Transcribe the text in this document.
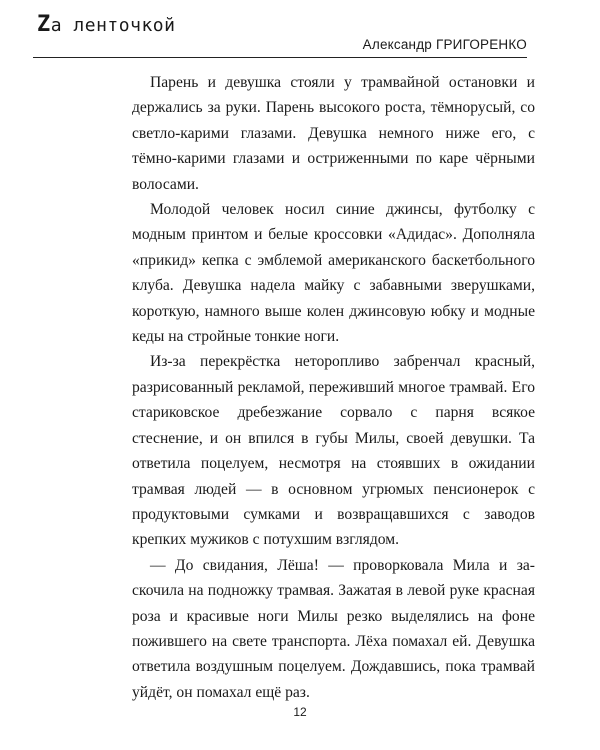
Zа ленточкой
Александр ГРИГОРЕНКО

Парень и девушка стояли у трамвайной остановки и держались за руки. Парень высокого роста, тёмнорусый, со светло-карими глазами. Девушка немного ниже его, с тёмно-карими глазами и остриженными по каре чёрными волосами.

Молодой человек носил синие джинсы, футболку с модным принтом и белые кроссовки «Адидас». Дополняла «прикид» кепка с эмблемой американского баскетбольного клуба. Девушка надела майку с забавными зверушками, короткую, намного выше колен джинсовую юбку и модные кеды на стройные тонкие ноги.

Из-за перекрёстка неторопливо забренчал красный, разрисованный рекламой, переживший многое трамвай. Его стариковское дребезжание сорвало с парня всякое стеснение, и он впился в губы Милы, своей девушки. Та ответила поцелуем, несмотря на стоявших в ожидании трамвая людей — в основном угрюмых пенсионерок с продуктовыми сумками и возвращавшихся с заводов крепких мужиков с потухшим взглядом.

— До свидания, Лёша! — проворковала Мила и заскочила на подножку трамвая. Зажатая в левой руке красная роза и красивые ноги Милы резко выделялись на фоне пожившего на свете транспорта. Лёха помахал ей. Девушка ответила воздушным поцелуем. Дождавшись, пока трамвай уйдёт, он помахал ещё раз.

12
